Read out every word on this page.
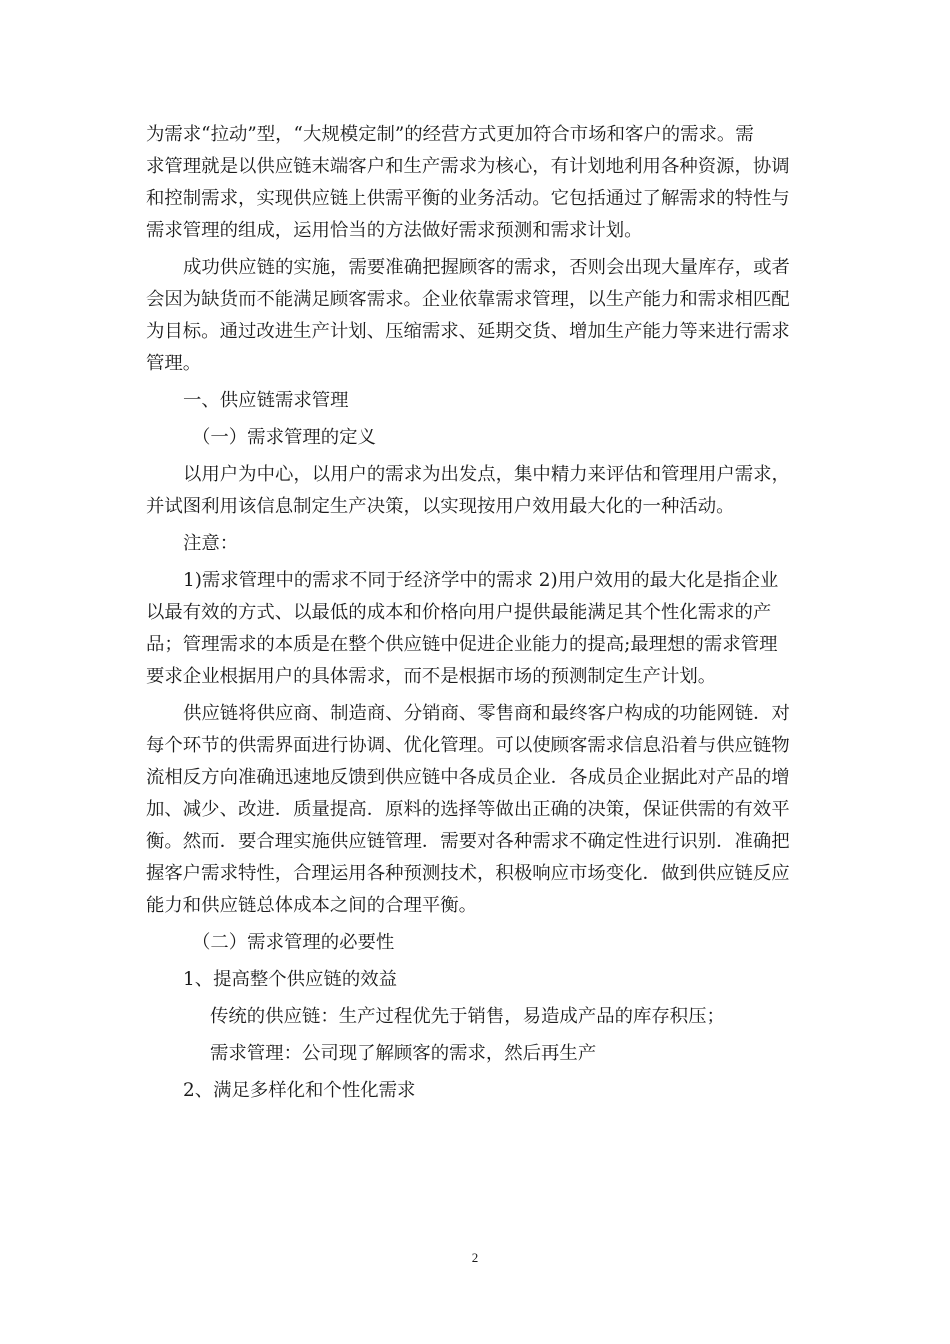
为需求“拉动”型，“大规模定制”的经营方式更加符合市场和客户的需求。需
求管理就是以供应链末端客户和生产需求为核心，有计划地利用各种资源，协调
和控制需求，实现供应链上供需平衡的业务活动。它包括通过了解需求的特性与
需求管理的组成，运用恰当的方法做好需求预测和需求计划。

成功供应链的实施，需要准确把握顾客的需求，否则会出现大量库存，或者
会因为缺货而不能满足顾客需求。企业依靠需求管理，以生产能力和需求相匹配
为目标。通过改进生产计划、压缩需求、延期交货、增加生产能力等来进行需求
管理。

一、供应链需求管理
（一）需求管理的定义

以用户为中心，以用户的需求为出发点，集中精力来评估和管理用户需求，
并试图利用该信息制定生产决策，以实现按用户效用最大化的一种活动。

注意：

1)需求管理中的需求不同于经济学中的需求 2)用户效用的最大化是指企业
以最有效的方式、以最低的成本和价格向用户提供最能满足其个性化需求的产
品；管理需求的本质是在整个供应链中促进企业能力的提高;最理想的需求管理
要求企业根据用户的具体需求，而不是根据市场的预测制定生产计划。

供应链将供应商、制造商、分销商、零售商和最终客户构成的功能网链．对
每个环节的供需界面进行协调、优化管理。可以使顾客需求信息沿着与供应链物
流相反方向准确迅速地反馈到供应链中各成员企业．各成员企业据此对产品的增
加、减少、改进．质量提高．原料的选择等做出正确的决策，保证供需的有效平
衡。然而．要合理实施供应链管理．需要对各种需求不确定性进行识别．准确把
握客户需求特性，合理运用各种预测技术，积极响应市场变化．做到供应链反应
能力和供应链总体成本之间的合理平衡。

（二）需求管理的必要性
1、提高整个供应链的效益
传统的供应链：生产过程优先于销售，易造成产品的库存积压；
需求管理：公司现了解顾客的需求，然后再生产
2、满足多样化和个性化需求
2
